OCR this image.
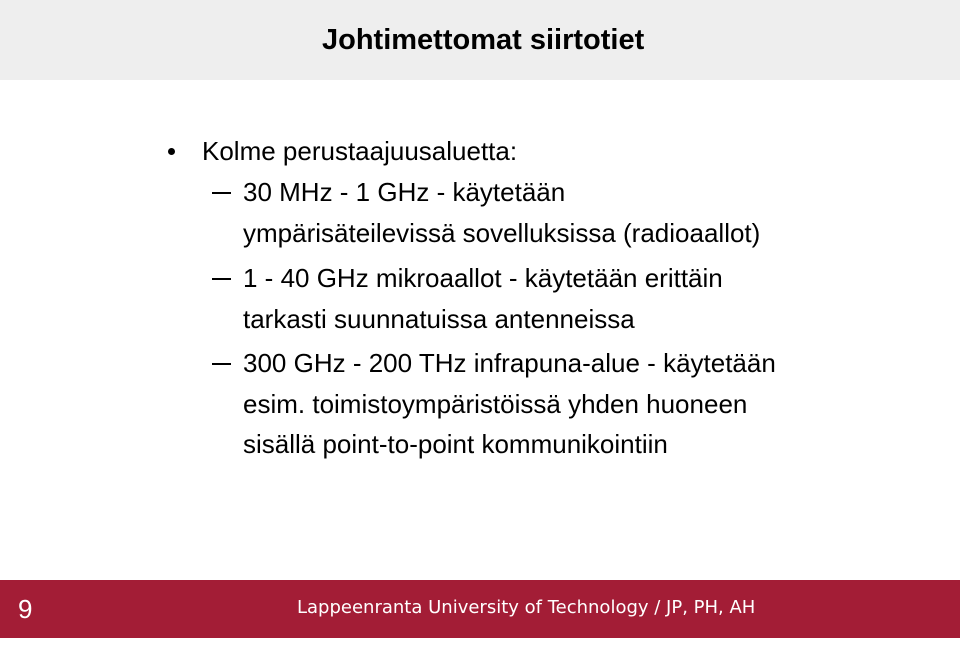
Johtimettomat siirtotiet
Kolme perustaajuusaluetta:
30 MHz - 1 GHz - käytetään
ympärisäteilevissä sovelluksissa (radioaallot)
1 - 40 GHz mikroaallot - käytetään erittäin
tarkasti suunnatuissa antenneissa
300 GHz - 200 THz infrapuna-alue - käytetään
esim. toimistoympäristöissä yhden huoneen
sisällä point-to-point kommunikointiin
9	Lappeenranta University of Technology / JP, PH, AH
